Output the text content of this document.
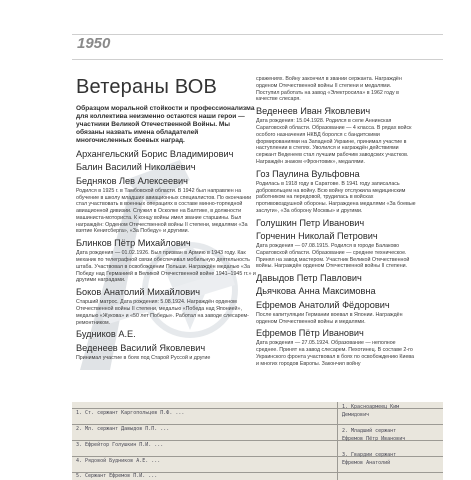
1950
Ветераны ВОВ

Образцом моральной стойкости и профессионализма для коллектива неизменно остаются наши герои — участники Великой Отечественной Войны. Мы обязаны назвать имена обладателей многочисленных боевых наград.

Архангельский Борис Владимирович
Балин Василий Николаевич
Бедняков Лев Алексеевич

Родился в 1925 г. в Тамбовской области. В 1942 был направлен на обучение в школу младших авиационных специалистов. По окончании стал участвовать в военных операциях в составе минно-торпедной авиационной дивизии. Служил в Осколке на Балтике, в должности машиниста-моториста. К концу войны имел звание старшины. Был награждён: Орденом Отечественной войны II степени, медалями «За взятие Кенигсберга», «За Победу» и другими.

Блинков Пётр Михайлович

Дата рождения — 01.02.1926. Был призван в Армию в 1943 году. Как механик по телеграфной связи обеспечивал мобильную деятельность штаба. Участвовал в освобождении Польши. Награждён медалью «За Победу над Германией в Великой Отечественной войне 1941–1945 гг.» и другими наградами.

Боков Анатолий Михайлович

Старший матрос. Дата рождения: 5.08.1924. Награждён орденом Отечественной войны II степени, медалью «Победа над Японией», медалью «Жукова» и «50 лет Победы». Работал на заводе слесарем-ремонтником.

Будников А.Е.
Веденеев Василий Яковлевич

Принимал участие в боях под Старой Руссой и другие

сражениях. Войну закончил в звании сержанта. Награждён орденом Отечественной войны II степени и медалями. Поступил работать на завод «Электросила» в 1962 году в качестве слесаря.

Веденеев Иван Яковлевич

Дата рождения: 15.04.1928. Родился в селе Аннинская Саратовской области. Образование — 4 класса. В рядах войск особого назначения НКВД боролся с бандитскими формированиями на Западной Украине, принимал участие в наступлении в степях. Уволился и награждён действиями сержант Веденеев стал лучшим рабочим заводских участков. Награждён знаком «Фронтовик», медалями.

Гоз Паулина Вульфовна

Родилась в 1918 году в Саратове. В 1941 году записалась добровольцем на войну. Всю войну отслужила медицинским работником на передовой, трудилась в войсках противовоздушной обороны. Награждена медалями «За боевые заслуги», «За оборону Москвы» и другими.

Голушкин Петр Иванович
Горченин Николай Петрович

Дата рождения — 07.08.1915. Родился в городе Балаково Саратовской области. Образование — среднее техническое. Принял на завод мастером. Участник Великой Отечественной войны. Награждён орденом Отечественной войны II степени.

Давыдов Петр Павлович
Дьячкова Анна Максимовна
Ефремов Анатолий Фёдорович

После капитуляции Германии воевал в Японии. Награждён орденом Отечественной войны и медалями.

Ефремов Пётр Иванович

Дата рождения — 27.05.1924. Образование — неполное среднее. Принят на завод слесарем. Пехотинец. В составе 2-го Украинского фронта участвовал в боях по освобождению Киева и многих городов Европы. Закончил войну

1. Ст. сержант Каргопольцев П.Ф. ...
2. Мл. сержант Давыдов П.П. ...
3. Ефрейтор Голушкин П.И. ...
4. Рядовой Будников А.Е. ...
5. Сержант Ефремов П.И. ...
1. Красноармеец Ким
Демидович
2. Младший сержант
Ефремов Пётр Иванович
3. Гвардии сержант
Ефремов Анатолий
